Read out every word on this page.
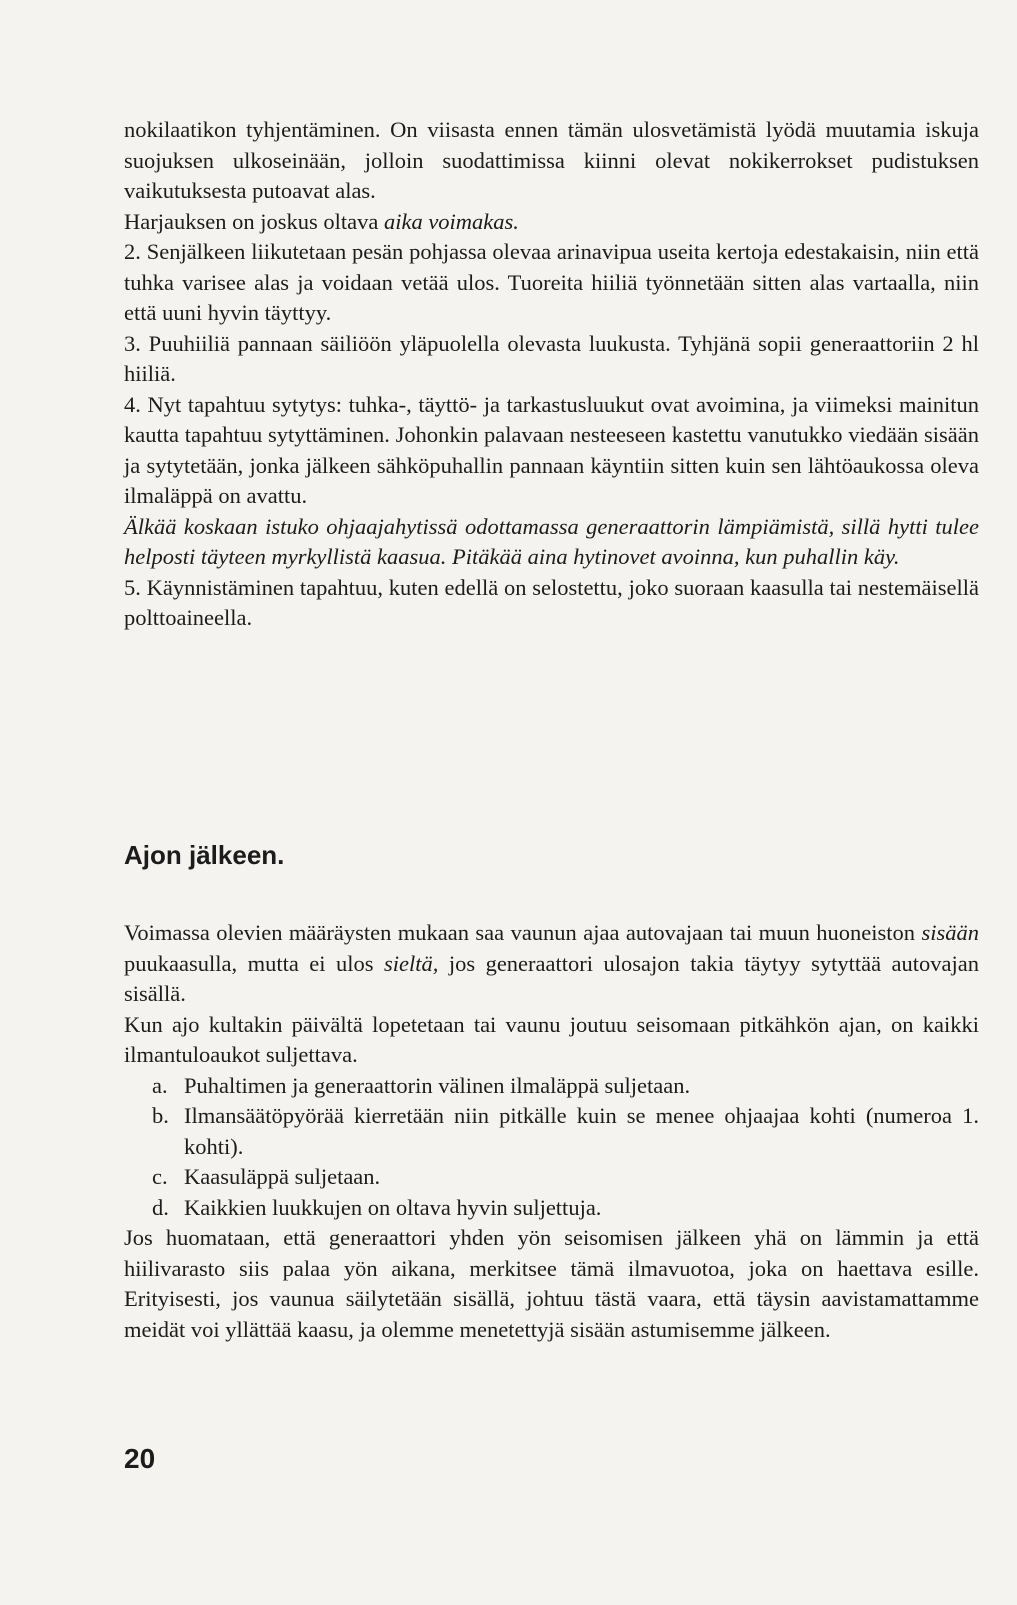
nokilaatikon tyhjentäminen. On viisasta ennen tämän ulosvetämistä lyödä muutamia iskuja suojuksen ulkoseinään, jolloin suodattimissa kiinni olevat nokikerrokset pudistuksen vaikutuksesta putoavat alas.

Harjauksen on joskus oltava aika voimakas.

2. Senjälkeen liikutetaan pesän pohjassa olevaa arinavipua useita kertoja edestakaisin, niin että tuhka varisee alas ja voidaan vetää ulos. Tuoreita hiiliä työnnetään sitten alas vartaalla, niin että uuni hyvin täyttyy.

3. Puuhiiliä pannaan säiliöön yläpuolella olevasta luukusta. Tyhjänä sopii generaattoriin 2 hl hiiliä.

4. Nyt tapahtuu sytytys: tuhka-, täyttö- ja tarkastusluukut ovat avoimina, ja viimeksi mainitun kautta tapahtuu sytyttäminen. Johonkin palavaan nesteeseen kastettu vanutukko viedään sisään ja sytytetään, jonka jälkeen sähköpuhallin pannaan käyntiin sitten kuin sen lähtöaukossa oleva ilmaläppä on avattu.

Älkää koskaan istuko ohjaajahytissä odottamassa generaattorin lämpiämistä, sillä hytti tulee helposti täyteen myrkyllistä kaasua. Pitäkää aina hytinovet avoinna, kun puhallin käy.

5. Käynnistäminen tapahtuu, kuten edellä on selostettu, joko suoraan kaasulla tai nestemäisellä polttoaineella.

Ajon jälkeen.

Voimassa olevien määräysten mukaan saa vaunun ajaa autovajaan tai muun huoneiston sisään puukaasulla, mutta ei ulos sieltä, jos generaattori ulosajon takia täytyy sytyttää autovajan sisällä.

Kun ajo kultakin päivältä lopetetaan tai vaunu joutuu seisomaan pitkähkön ajan, on kaikki ilmantuloaukot suljettava.

a. Puhaltimen ja generaattorin välinen ilmaläppä suljetaan.
b. Ilmansäätöpyörää kierretään niin pitkälle kuin se menee ohjaajaa kohti (numeroa 1. kohti).
c. Kaasuläppä suljetaan.
d. Kaikkien luukkujen on oltava hyvin suljettuja.

Jos huomataan, että generaattori yhden yön seisomisen jälkeen yhä on lämmin ja että hiilivarasto siis palaa yön aikana, merkitsee tämä ilmavuotoa, joka on haettava esille. Erityisesti, jos vaunua säilytetään sisällä, johtuu tästä vaara, että täysin aavistamattamme meidät voi yllättää kaasu, ja olemme menetettyjä sisään astumisemme jälkeen.

20
